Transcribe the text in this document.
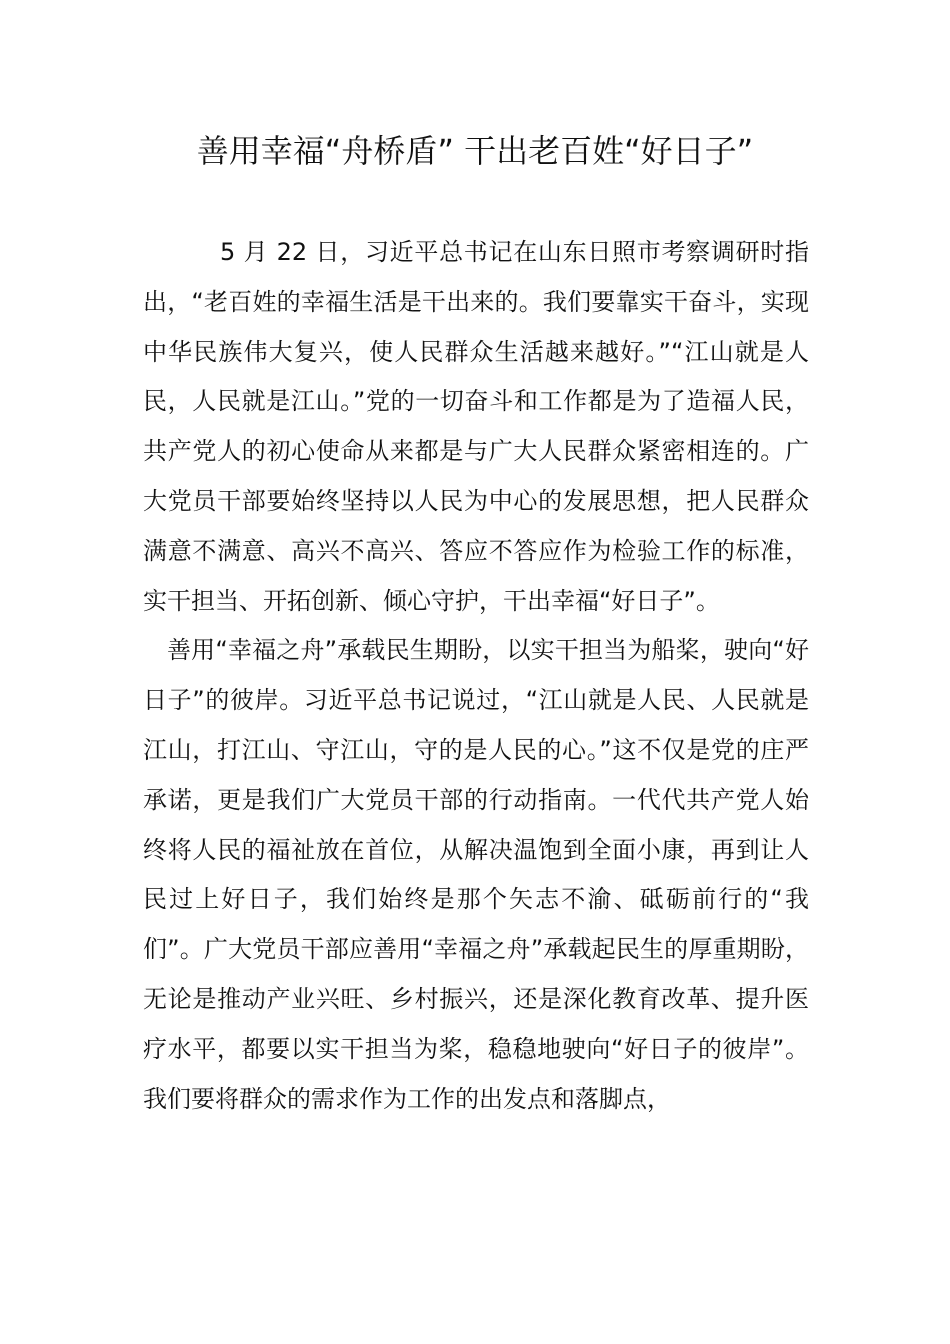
善用幸福“舟桥盾” 干出老百姓“好日子”

5 月 22 日，习近平总书记在山东日照市考察调研时指出，“老百姓的幸福生活是干出来的。我们要靠实干奋斗，实现中华民族伟大复兴，使人民群众生活越来越好。”“江山就是人民，人民就是江山。”党的一切奋斗和工作都是为了造福人民，共产党人的初心使命从来都是与广大人民群众紧密相连的。广大党员干部要始终坚持以人民为中心的发展思想，把人民群众满意不满意、高兴不高兴、答应不答应作为检验工作的标准，实干担当、开拓创新、倾心守护，干出幸福“好日子”。

善用“幸福之舟”承载民生期盼，以实干担当为船桨，驶向“好日子”的彼岸。习近平总书记说过，“江山就是人民、人民就是江山，打江山、守江山，守的是人民的心。”这不仅是党的庄严承诺，更是我们广大党员干部的行动指南。一代代共产党人始终将人民的福祉放在首位，从解决温饱到全面小康，再到让人民过上好日子，我们始终是那个矢志不渝、砥砺前行的“我们”。广大党员干部应善用“幸福之舟”承载起民生的厚重期盼，无论是推动产业兴旺、乡村振兴，还是深化教育改革、提升医疗水平，都要以实干担当为桨，稳稳地驶向“好日子的彼岸”。我们要将群众的需求作为工作的出发点和落脚点，
